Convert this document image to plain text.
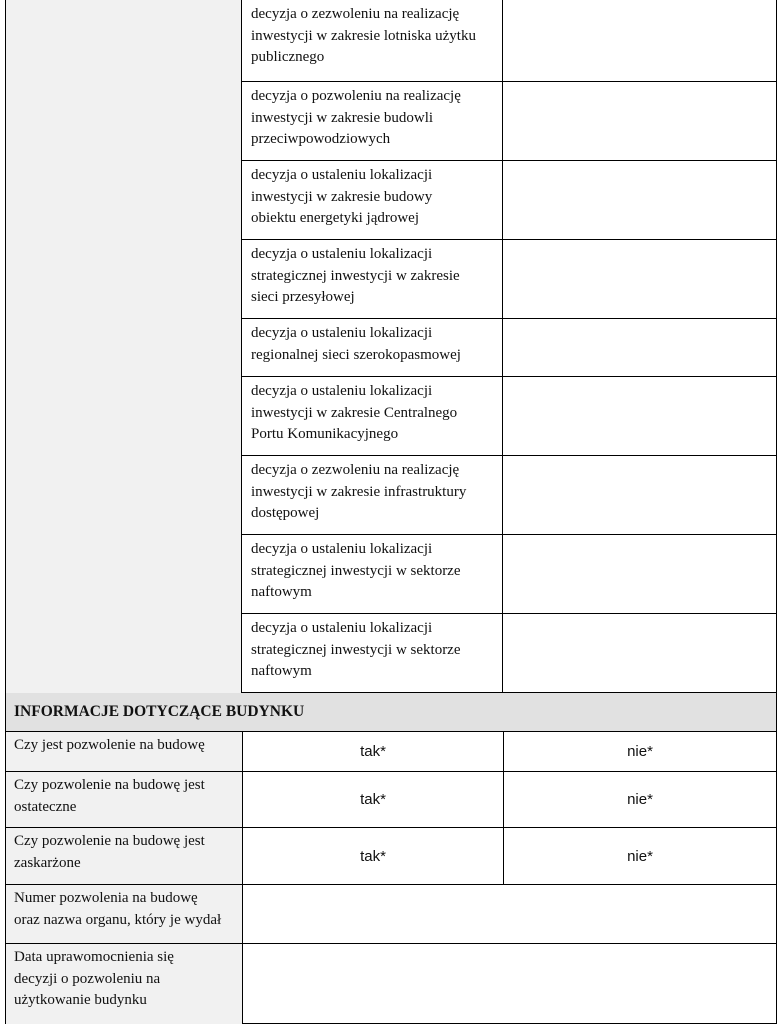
decyzja o zezwoleniu na realizację
inwestycji w zakresie lotniska użytku
publicznego
decyzja o pozwoleniu na realizację
inwestycji w zakresie budowli
przeciwpowodziowych
decyzja o ustaleniu lokalizacji
inwestycji w zakresie budowy
obiektu energetyki jądrowej
decyzja o ustaleniu lokalizacji
strategicznej inwestycji w zakresie
sieci przesyłowej
decyzja o ustaleniu lokalizacji
regionalnej sieci szerokopasmowej
decyzja o ustaleniu lokalizacji
inwestycji w zakresie Centralnego
Portu Komunikacyjnego
decyzja o zezwoleniu na realizację
inwestycji w zakresie infrastruktury
dostępowej
decyzja o ustaleniu lokalizacji
strategicznej inwestycji w sektorze
naftowym
decyzja o ustaleniu lokalizacji
strategicznej inwestycji w sektorze
naftowym
INFORMACJE DOTYCZĄCE BUDYNKU
Czy jest pozwolenie na budowę	tak*	nie*
Czy pozwolenie na budowę jest
ostateczne	tak*	nie*
Czy pozwolenie na budowę jest
zaskarżone	tak*	nie*
Numer pozwolenia na budowę
oraz nazwa organu, który je wydał
Data uprawomocnienia się
decyzji o pozwoleniu na
użytkowanie budynku
